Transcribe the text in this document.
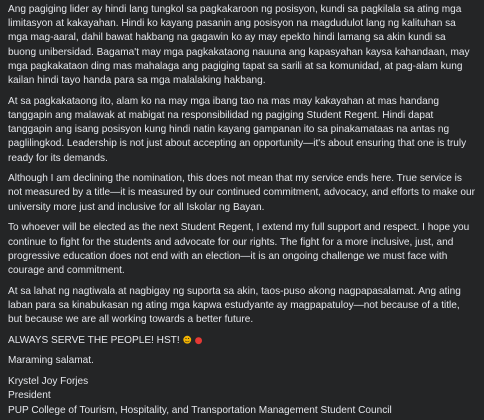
Ang pagiging lider ay hindi lang tungkol sa pagkakaroon ng posisyon, kundi sa pagkilala sa ating mga limitasyon at kakayahan. Hindi ko kayang pasanin ang posisyon na magdudulot lang ng kalituhan sa mga mag-aaral, dahil bawat hakbang na gagawin ko ay may epekto hindi lamang sa akin kundi sa buong unibersidad. Bagama't may mga pagkakataong nauuna ang kapasyahan kaysa kahandaan, may mga pagkakataon ding mas mahalaga ang pagiging tapat sa sarili at sa komunidad, at pag-alam kung kailan hindi tayo handa para sa mga malalaking hakbang.

At sa pagkakataong ito, alam ko na may mga ibang tao na mas may kakayahan at mas handang tanggapin ang malawak at mabigat na responsibilidad ng pagiging Student Regent. Hindi dapat tanggapin ang isang posisyon kung hindi natin kayang gampanan ito sa pinakamataas na antas ng paglilingkod. Leadership is not just about accepting an opportunity—it's about ensuring that one is truly ready for its demands.

Although I am declining the nomination, this does not mean that my service ends here. True service is not measured by a title—it is measured by our continued commitment, advocacy, and efforts to make our university more just and inclusive for all Iskolar ng Bayan.

To whoever will be elected as the next Student Regent, I extend my full support and respect. I hope you continue to fight for the students and advocate for our rights. The fight for a more inclusive, just, and progressive education does not end with an election—it is an ongoing challenge we must face with courage and commitment.

At sa lahat ng nagtiwala at nagbigay ng suporta sa akin, taos-puso akong nagpapasalamat. Ang ating laban para sa kinabukasan ng ating mga kapwa estudyante ay magpapatuloy—not because of a title, but because we are all working towards a better future.

ALWAYS SERVE THE PEOPLE! HST! ☻ ●

Maraming salamat.

Krystel Joy Forjes
President
PUP College of Tourism, Hospitality, and Transportation Management Student Council
